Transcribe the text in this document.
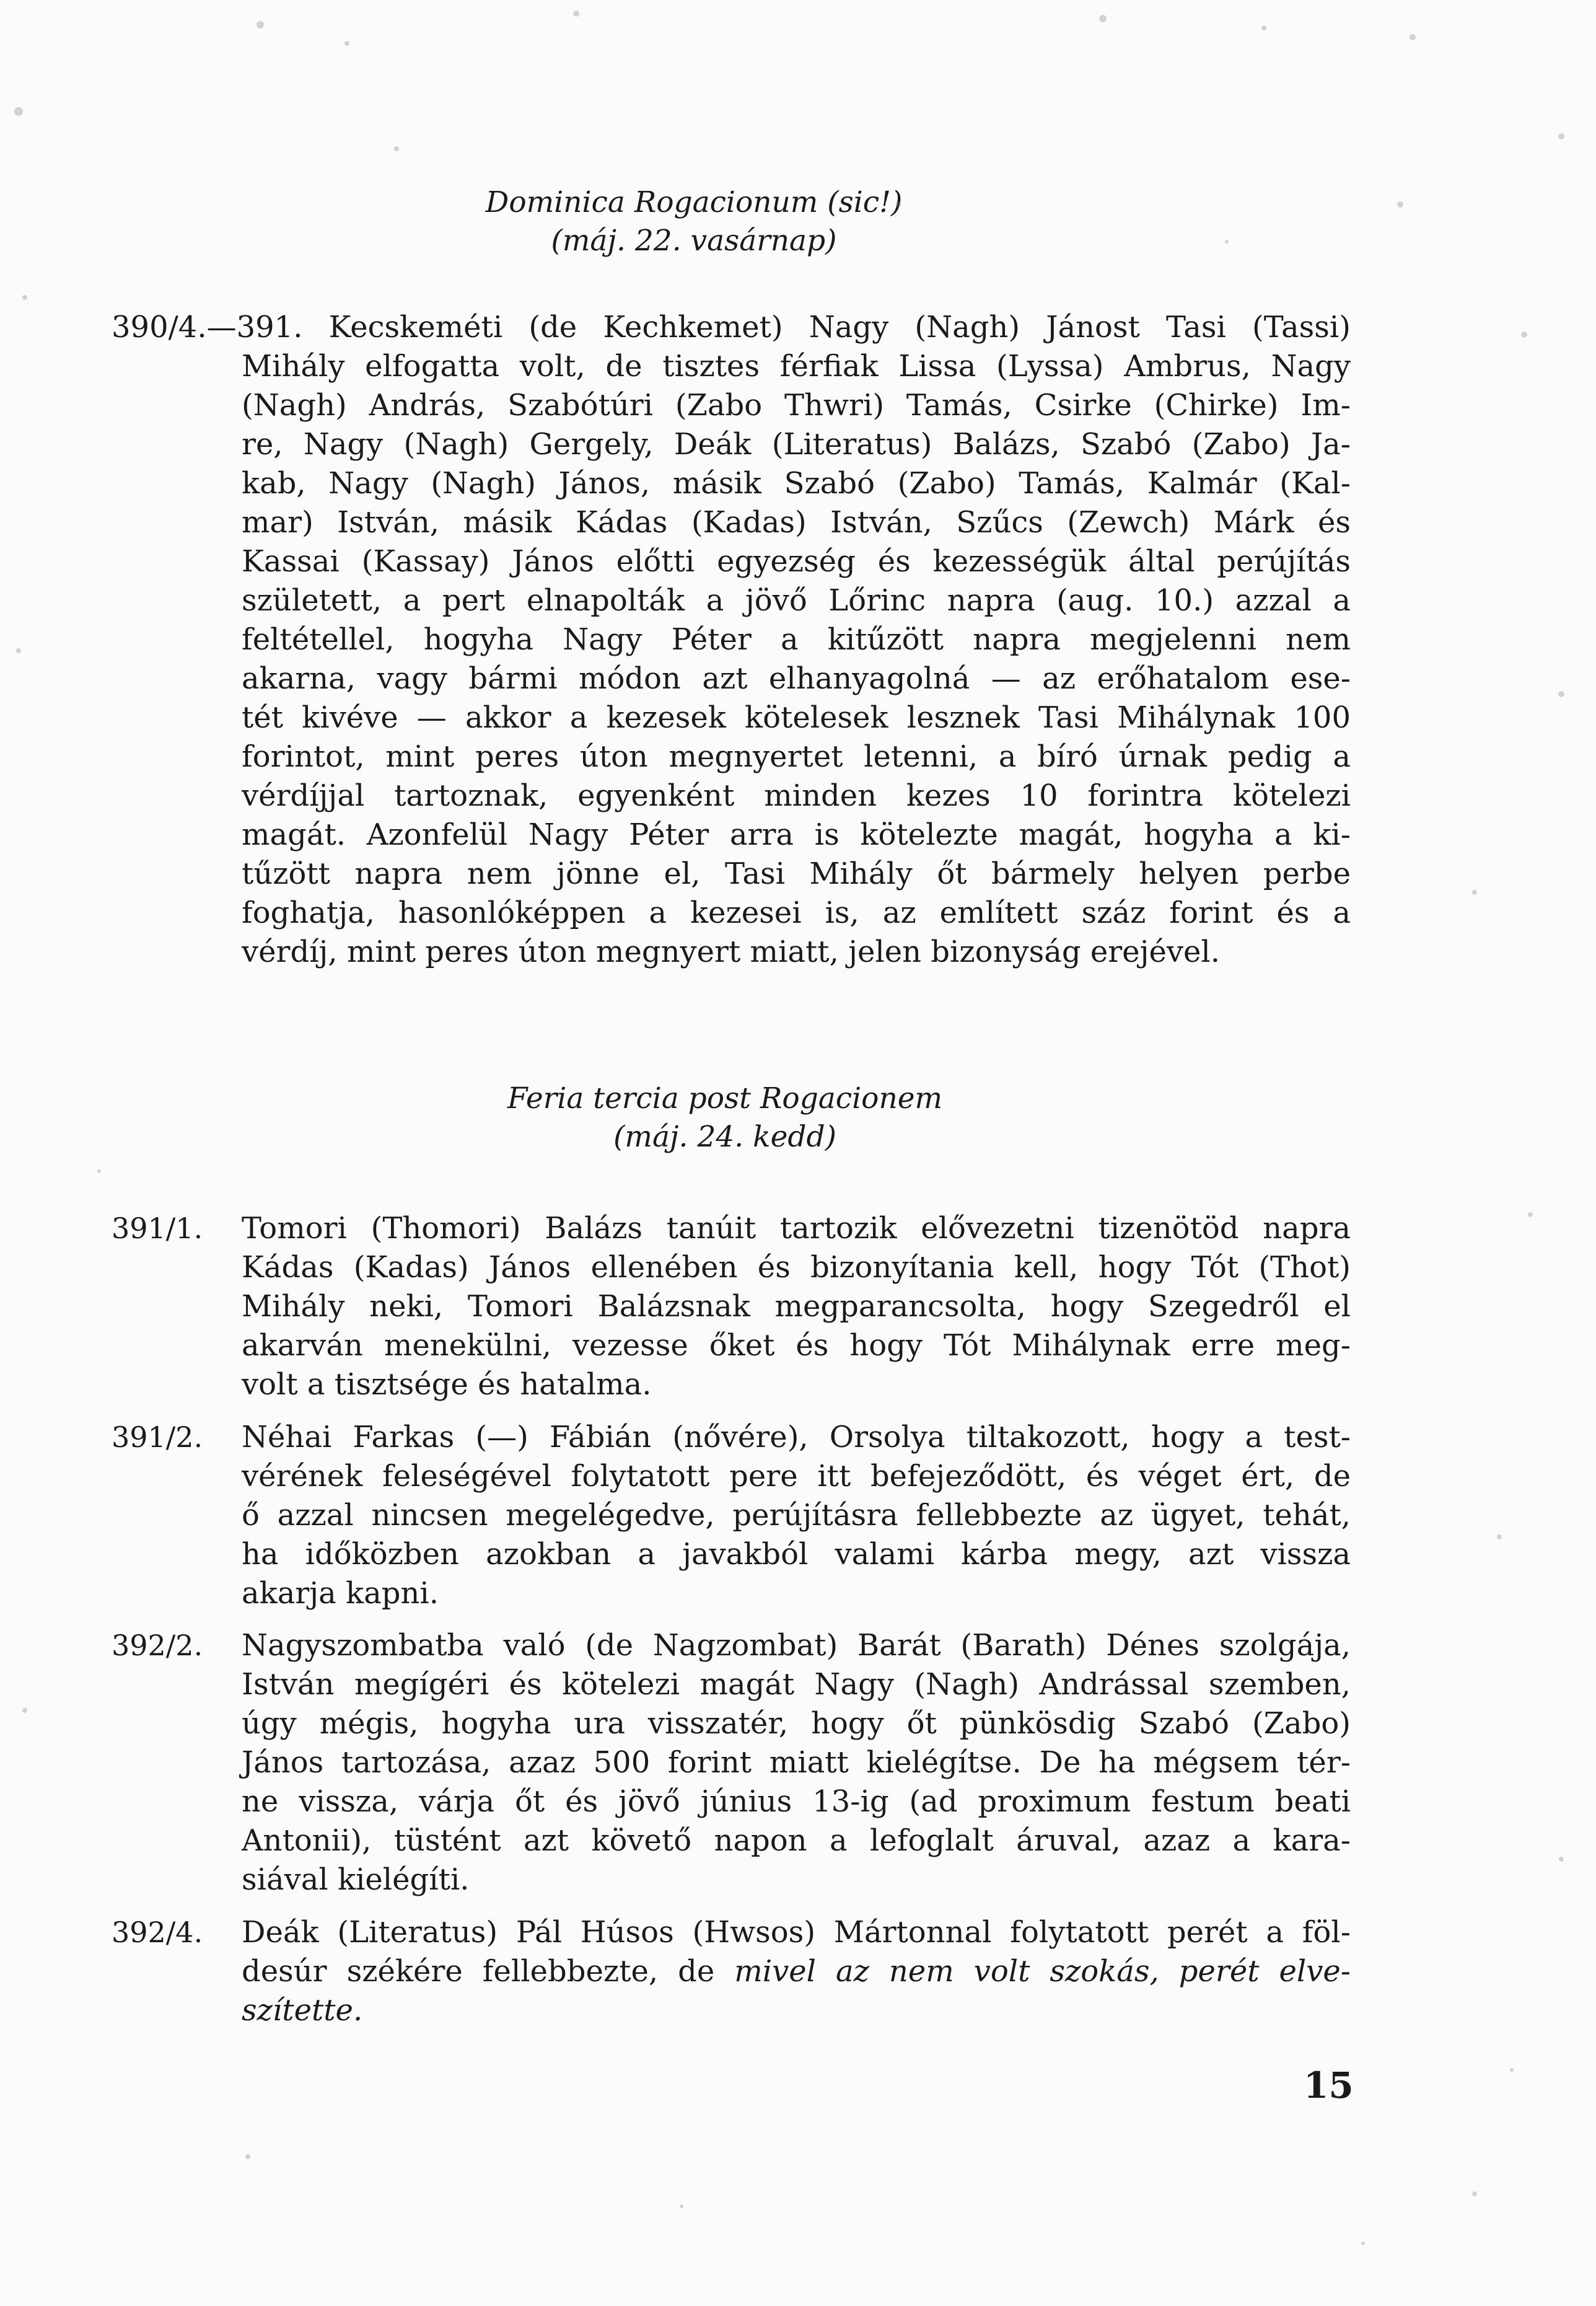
Dominica Rogacionum (sic!)
(máj. 22. vasárnap)
390/4.—391. Kecskeméti (de Kechkemet) Nagy (Nagh) Jánost Tasi (Tassi)
Mihály elfogatta volt, de tisztes férfiak Lissa (Lyssa) Ambrus, Nagy
(Nagh) András, Szabótúri (Zabo Thwri) Tamás, Csirke (Chirke) Im-
re, Nagy (Nagh) Gergely, Deák (Literatus) Balázs, Szabó (Zabo) Ja-
kab, Nagy (Nagh) János, másik Szabó (Zabo) Tamás, Kalmár (Kal-
mar) István, másik Kádas (Kadas) István, Szűcs (Zewch) Márk és
Kassai (Kassay) János előtti egyezség és kezességük által perújítás
született, a pert elnapolták a jövő Lőrinc napra (aug. 10.) azzal a
feltétellel, hogyha Nagy Péter a kitűzött napra megjelenni nem
akarna, vagy bármi módon azt elhanyagolná — az erőhatalom ese-
tét kivéve — akkor a kezesek kötelesek lesznek Tasi Mihálynak 100
forintot, mint peres úton megnyertet letenni, a bíró úrnak pedig a
vérdíjjal tartoznak, egyenként minden kezes 10 forintra kötelezi
magát. Azonfelül Nagy Péter arra is kötelezte magát, hogyha a ki-
tűzött napra nem jönne el, Tasi Mihály őt bármely helyen perbe
foghatja, hasonlóképpen a kezesei is, az említett száz forint és a
vérdíj, mint peres úton megnyert miatt, jelen bizonyság erejével.
Feria tercia post Rogacionem
(máj. 24. kedd)
391/1. Tomori (Thomori) Balázs tanúit tartozik elővezetni tizenötöd napra
Kádas (Kadas) János ellenében és bizonyítania kell, hogy Tót (Thot)
Mihály neki, Tomori Balázsnak megparancsolta, hogy Szegedről el
akarván menekülni, vezesse őket és hogy Tót Mihálynak erre meg-
volt a tisztsége és hatalma.
391/2. Néhai Farkas (—) Fábián (nővére), Orsolya tiltakozott, hogy a test-
vérének feleségével folytatott pere itt befejeződött, és véget ért, de
ő azzal nincsen megelégedve, perújításra fellebbezte az ügyet, tehát,
ha időközben azokban a javakból valami kárba megy, azt vissza
akarja kapni.
392/2. Nagyszombatba való (de Nagzombat) Barát (Barath) Dénes szolgája,
István megígéri és kötelezi magát Nagy (Nagh) Andrással szemben,
úgy mégis, hogyha ura visszatér, hogy őt pünkösdig Szabó (Zabo)
János tartozása, azaz 500 forint miatt kielégítse. De ha mégsem tér-
ne vissza, várja őt és jövő június 13-ig (ad proximum festum beati
Antonii), tüstént azt követő napon a lefoglalt áruval, azaz a kara-
siával kielégíti.
392/4. Deák (Literatus) Pál Húsos (Hwsos) Mártonnal folytatott perét a föl-
desúr székére fellebbezte, de mivel az nem volt szokás, perét elve-
szítette.
15
